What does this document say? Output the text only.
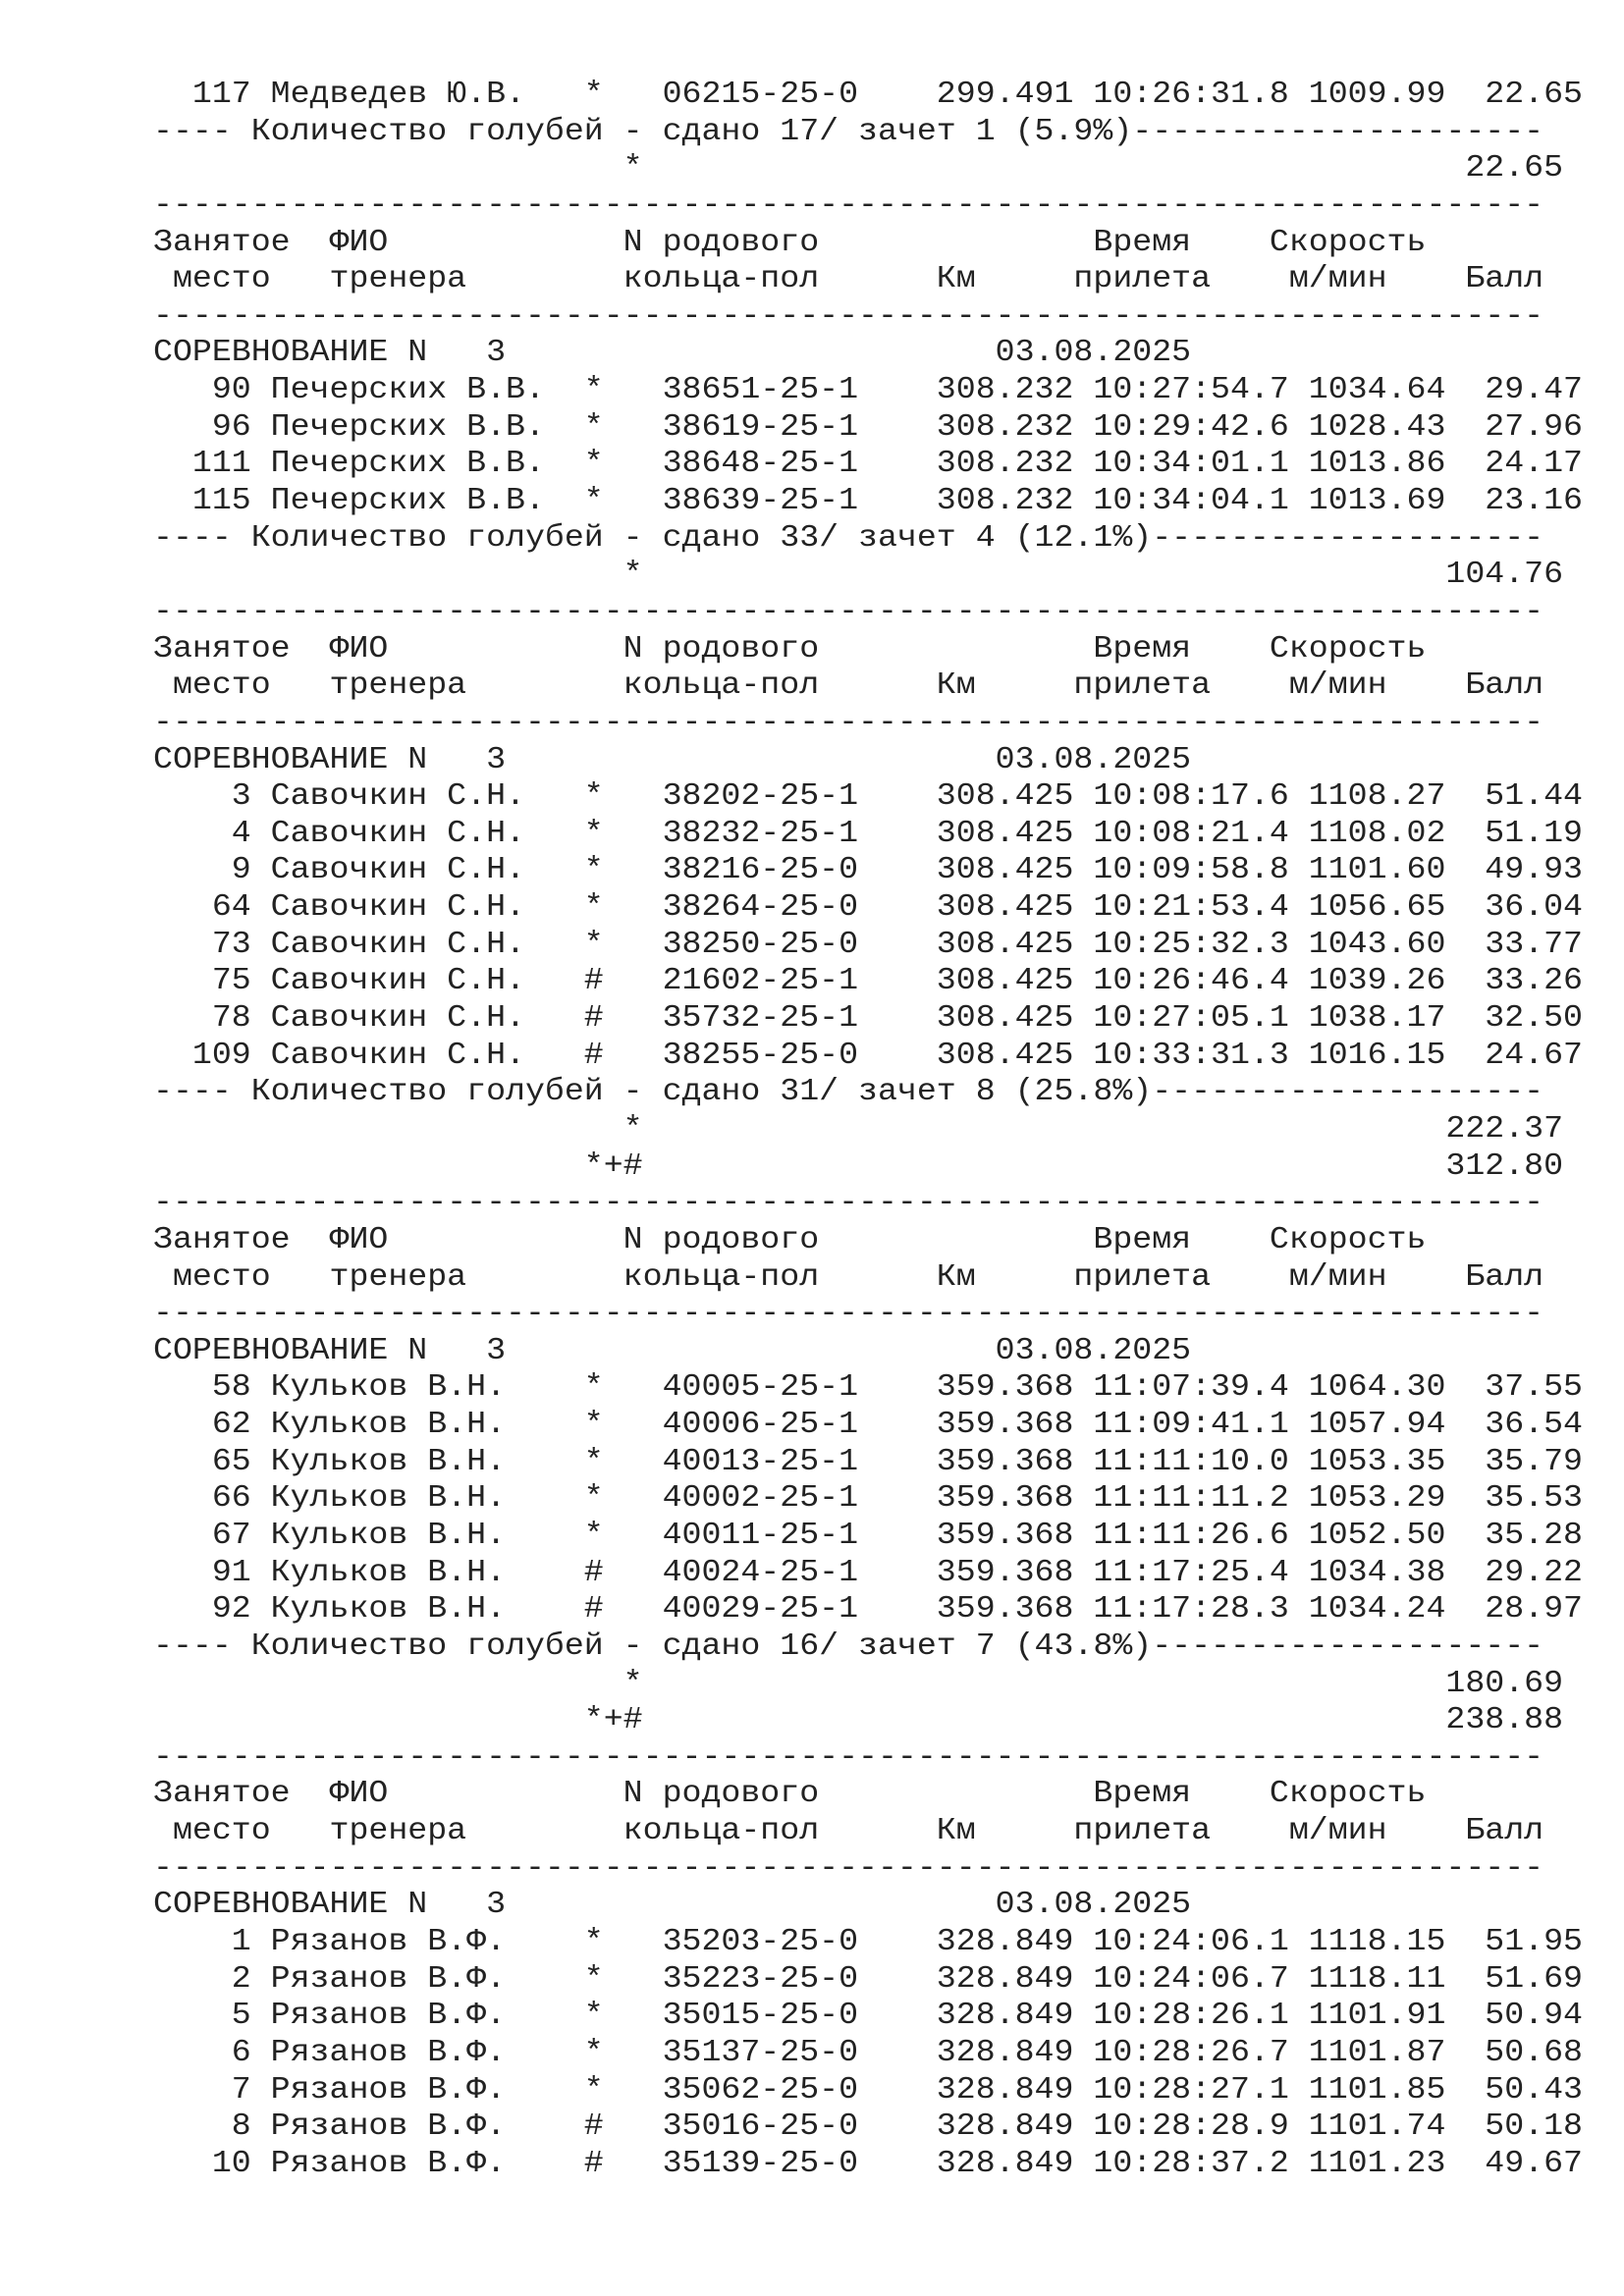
117 Медведев Ю.В.   *   06215-25-0    299.491 10:26:31.8 1009.99  22.65
---- Количество голубей - сдано 17/ зачет 1 (5.9%)---------------------
*                                          22.65
-----------------------------------------------------------------------
Занятое  ФИО            N родового              Время    Скорость
место   тренера        кольца-пол      Км     прилета    м/мин    Балл
-----------------------------------------------------------------------
СОРЕВНОВАНИЕ N   3                         03.08.2025
90 Печерских В.В.  *   38651-25-1    308.232 10:27:54.7 1034.64  29.47
96 Печерских В.В.  *   38619-25-1    308.232 10:29:42.6 1028.43  27.96
111 Печерских В.В.  *   38648-25-1    308.232 10:34:01.1 1013.86  24.17
115 Печерских В.В.  *   38639-25-1    308.232 10:34:04.1 1013.69  23.16
---- Количество голубей - сдано 33/ зачет 4 (12.1%)--------------------
*                                         104.76
-----------------------------------------------------------------------
Занятое  ФИО            N родового              Время    Скорость
место   тренера        кольца-пол      Км     прилета    м/мин    Балл
-----------------------------------------------------------------------
СОРЕВНОВАНИЕ N   3                         03.08.2025
3 Савочкин С.Н.   *   38202-25-1    308.425 10:08:17.6 1108.27  51.44
4 Савочкин С.Н.   *   38232-25-1    308.425 10:08:21.4 1108.02  51.19
9 Савочкин С.Н.   *   38216-25-0    308.425 10:09:58.8 1101.60  49.93
64 Савочкин С.Н.   *   38264-25-0    308.425 10:21:53.4 1056.65  36.04
73 Савочкин С.Н.   *   38250-25-0    308.425 10:25:32.3 1043.60  33.77
75 Савочкин С.Н.   #   21602-25-1    308.425 10:26:46.4 1039.26  33.26
78 Савочкин С.Н.   #   35732-25-1    308.425 10:27:05.1 1038.17  32.50
109 Савочкин С.Н.   #   38255-25-0    308.425 10:33:31.3 1016.15  24.67
---- Количество голубей - сдано 31/ зачет 8 (25.8%)--------------------
*                                         222.37
*+#                                         312.80
-----------------------------------------------------------------------
Занятое  ФИО            N родового              Время    Скорость
место   тренера        кольца-пол      Км     прилета    м/мин    Балл
-----------------------------------------------------------------------
СОРЕВНОВАНИЕ N   3                         03.08.2025
58 Кульков В.Н.    *   40005-25-1    359.368 11:07:39.4 1064.30  37.55
62 Кульков В.Н.    *   40006-25-1    359.368 11:09:41.1 1057.94  36.54
65 Кульков В.Н.    *   40013-25-1    359.368 11:11:10.0 1053.35  35.79
66 Кульков В.Н.    *   40002-25-1    359.368 11:11:11.2 1053.29  35.53
67 Кульков В.Н.    *   40011-25-1    359.368 11:11:26.6 1052.50  35.28
91 Кульков В.Н.    #   40024-25-1    359.368 11:17:25.4 1034.38  29.22
92 Кульков В.Н.    #   40029-25-1    359.368 11:17:28.3 1034.24  28.97
---- Количество голубей - сдано 16/ зачет 7 (43.8%)--------------------
*                                         180.69
*+#                                         238.88
-----------------------------------------------------------------------
Занятое  ФИО            N родового              Время    Скорость
место   тренера        кольца-пол      Км     прилета    м/мин    Балл
-----------------------------------------------------------------------
СОРЕВНОВАНИЕ N   3                         03.08.2025
1 Рязанов В.Ф.    *   35203-25-0    328.849 10:24:06.1 1118.15  51.95
2 Рязанов В.Ф.    *   35223-25-0    328.849 10:24:06.7 1118.11  51.69
5 Рязанов В.Ф.    *   35015-25-0    328.849 10:28:26.1 1101.91  50.94
6 Рязанов В.Ф.    *   35137-25-0    328.849 10:28:26.7 1101.87  50.68
7 Рязанов В.Ф.    *   35062-25-0    328.849 10:28:27.1 1101.85  50.43
8 Рязанов В.Ф.    #   35016-25-0    328.849 10:28:28.9 1101.74  50.18
10 Рязанов В.Ф.    #   35139-25-0    328.849 10:28:37.2 1101.23  49.67
